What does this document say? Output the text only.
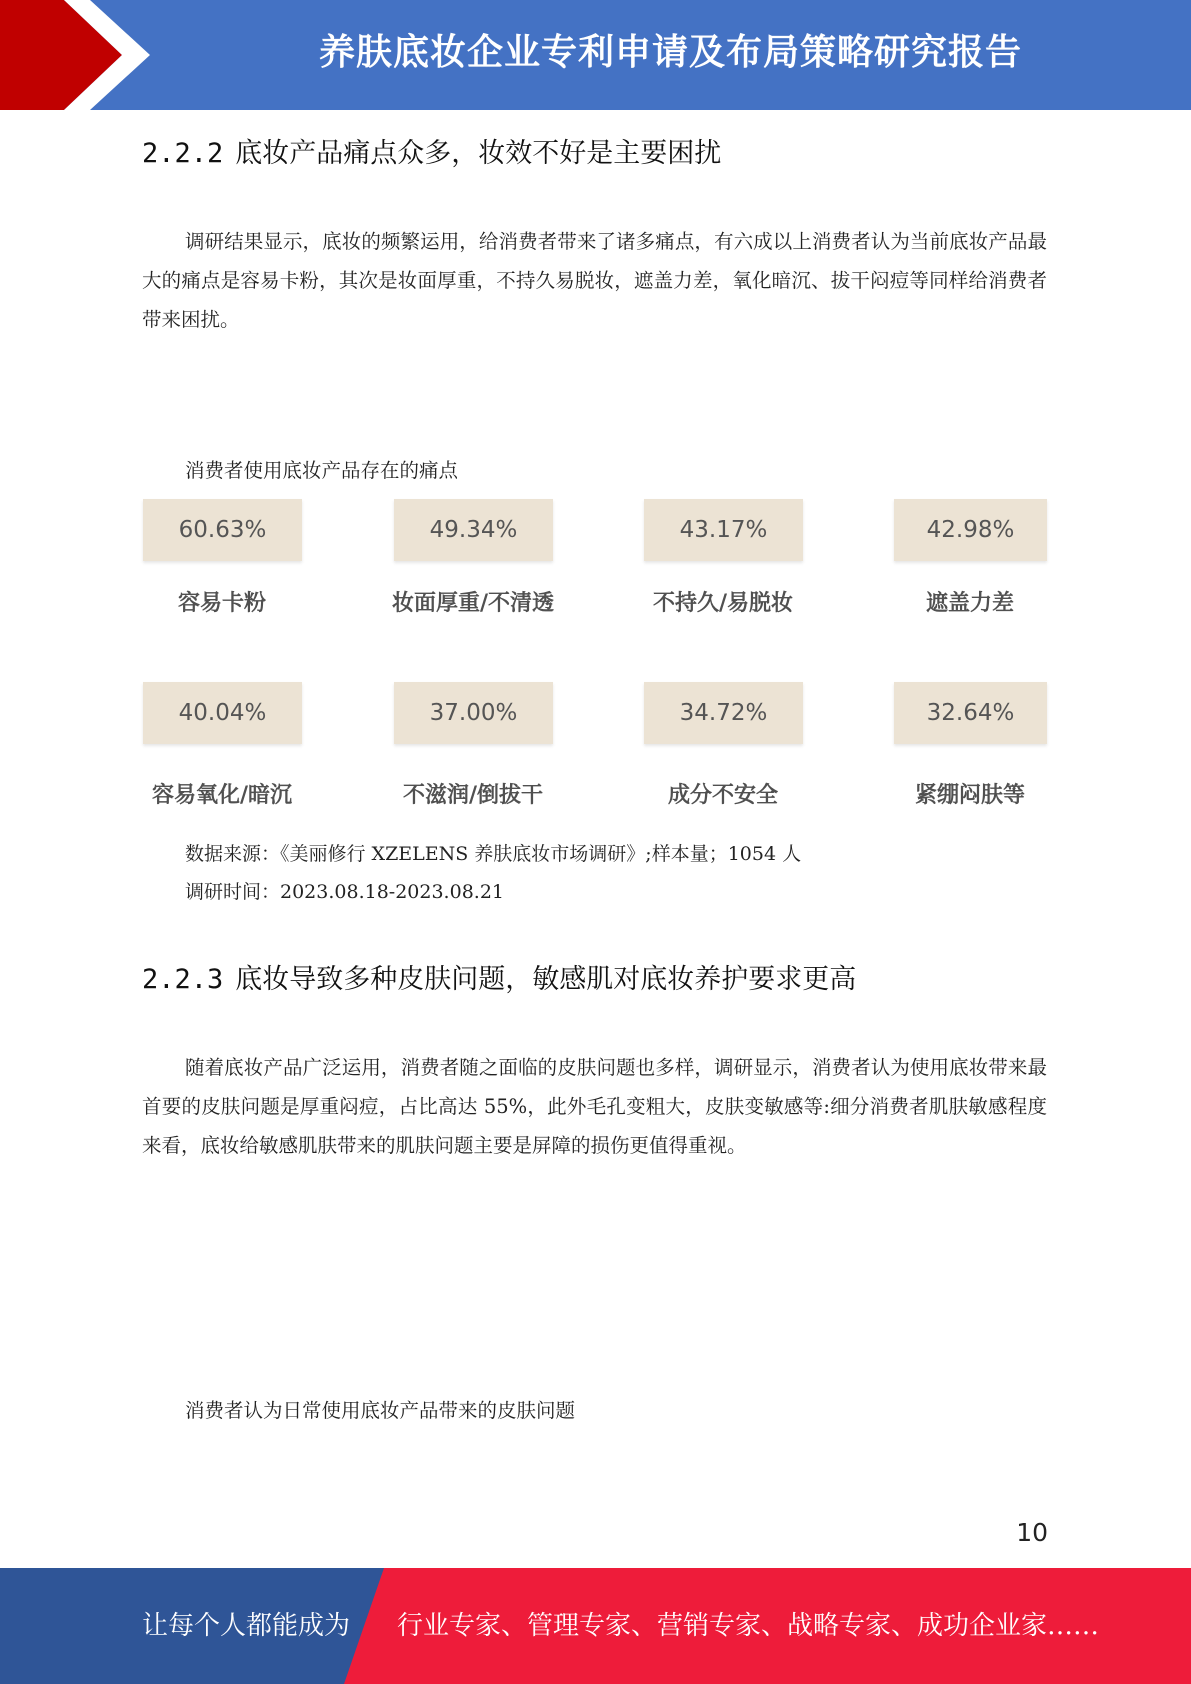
养肤底妆企业专利申请及布局策略研究报告
2.2.2 底妆产品痛点众多，妆效不好是主要困扰
调研结果显示，底妆的频繁运用，给消费者带来了诸多痛点，有六成以上消费者认为当前底妆产品最大的痛点是容易卡粉，其次是妆面厚重，不持久易脱妆，遮盖力差，氧化暗沉、拔干闷痘等同样给消费者带来困扰。
消费者使用底妆产品存在的痛点
60.63%	49.34%	43.17%	42.98%
容易卡粉	妆面厚重/不清透	不持久/易脱妆	遮盖力差
40.04%	37.00%	34.72%	32.64%
容易氧化/暗沉	不滋润/倒拔干	成分不安全	紧绷闷肤等
数据来源：《美丽修行 XZELENS 养肤底妆市场调研》;样本量；1054 人
调研时间：2023.08.18-2023.08.21
2.2.3 底妆导致多种皮肤问题，敏感肌对底妆养护要求更高
随着底妆产品广泛运用，消费者随之面临的皮肤问题也多样，调研显示，消费者认为使用底妆带来最首要的皮肤问题是厚重闷痘，占比高达 55%，此外毛孔变粗大，皮肤变敏感等:细分消费者肌肤敏感程度来看，底妆给敏感肌肤带来的肌肤问题主要是屏障的损伤更值得重视。
消费者认为日常使用底妆产品带来的皮肤问题
10
让每个人都能成为 行业专家、管理专家、营销专家、战略专家、成功企业家……
